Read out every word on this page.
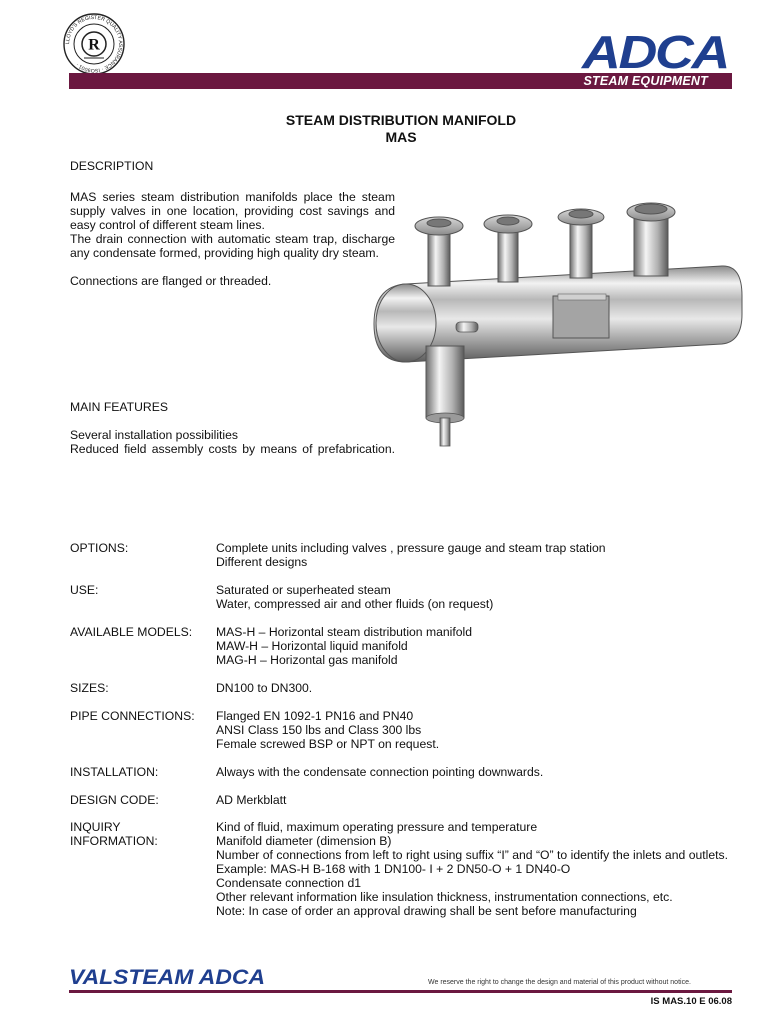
LLOYD'S REGISTER QUALITY ASSURANCE · ISO9001 ·
R	ADCA
STEAM EQUIPMENT
STEAM DISTRIBUTION MANIFOLD
MAS
DESCRIPTION
MAS series steam distribution manifolds place the steam supply valves in one location, providing cost savings and easy control of different steam lines.
The drain connection with automatic steam trap, discharge any condensate formed, providing high quality dry steam.
Connections are flanged or threaded.
MAIN FEATURES
Several installation possibilities
Reduced field assembly costs by means of prefabrication.
OPTIONS:	Complete units including valves , pressure gauge and steam trap station
Different designs
USE:	Saturated or superheated steam
Water, compressed air and other fluids (on request)
AVAILABLE MODELS:	MAS-H – Horizontal steam distribution manifold
MAW-H – Horizontal liquid manifold
MAG-H – Horizontal gas manifold
SIZES:	DN100 to DN300.
PIPE CONNECTIONS:	Flanged EN 1092-1 PN16 and PN40
ANSI Class 150 lbs and Class 300 lbs
Female screwed BSP or NPT on request.
INSTALLATION:	Always with the condensate connection pointing downwards.
DESIGN CODE:	AD Merkblatt
INQUIRY
INFORMATION:
Kind of fluid, maximum operating pressure and temperature
Manifold diameter (dimension B)
Number of connections from left to right using suffix “I” and “O” to identify the inlets and outlets. Example: MAS-H B-168 with 1 DN100- I + 2 DN50-O + 1 DN40-O
Condensate connection d1
Other relevant information like insulation thickness, instrumentation connections, etc.
Note: In case of order an approval drawing shall be sent before manufacturing
VALSTEAM ADCA	We reserve the right to change the design and material of this product without notice.
IS MAS.10 E 06.08
